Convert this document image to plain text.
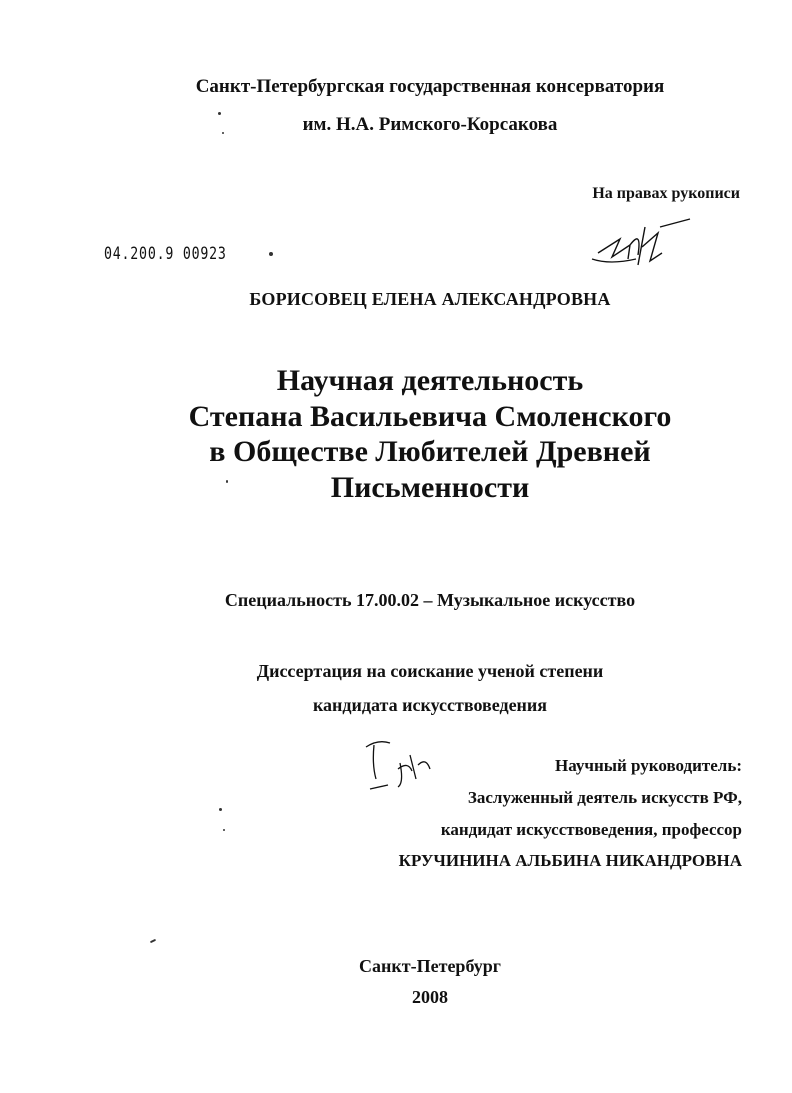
Санкт-Петербургская государственная консерватория
им. Н.А. Римского-Корсакова
На правах рукописи
04.200.9 00923
БОРИСОВЕЦ ЕЛЕНА АЛЕКСАНДРОВНА
Научная деятельность
Степана Васильевича Смоленского
в Обществе Любителей Древней
Письменности
Специальность 17.00.02 – Музыкальное искусство
Диссертация на соискание ученой степени
кандидата искусствоведения
Научный руководитель:
Заслуженный деятель искусств РФ,
кандидат искусствоведения, профессор
КРУЧИНИНА АЛЬБИНА НИКАНДРОВНА
Санкт-Петербург
2008
